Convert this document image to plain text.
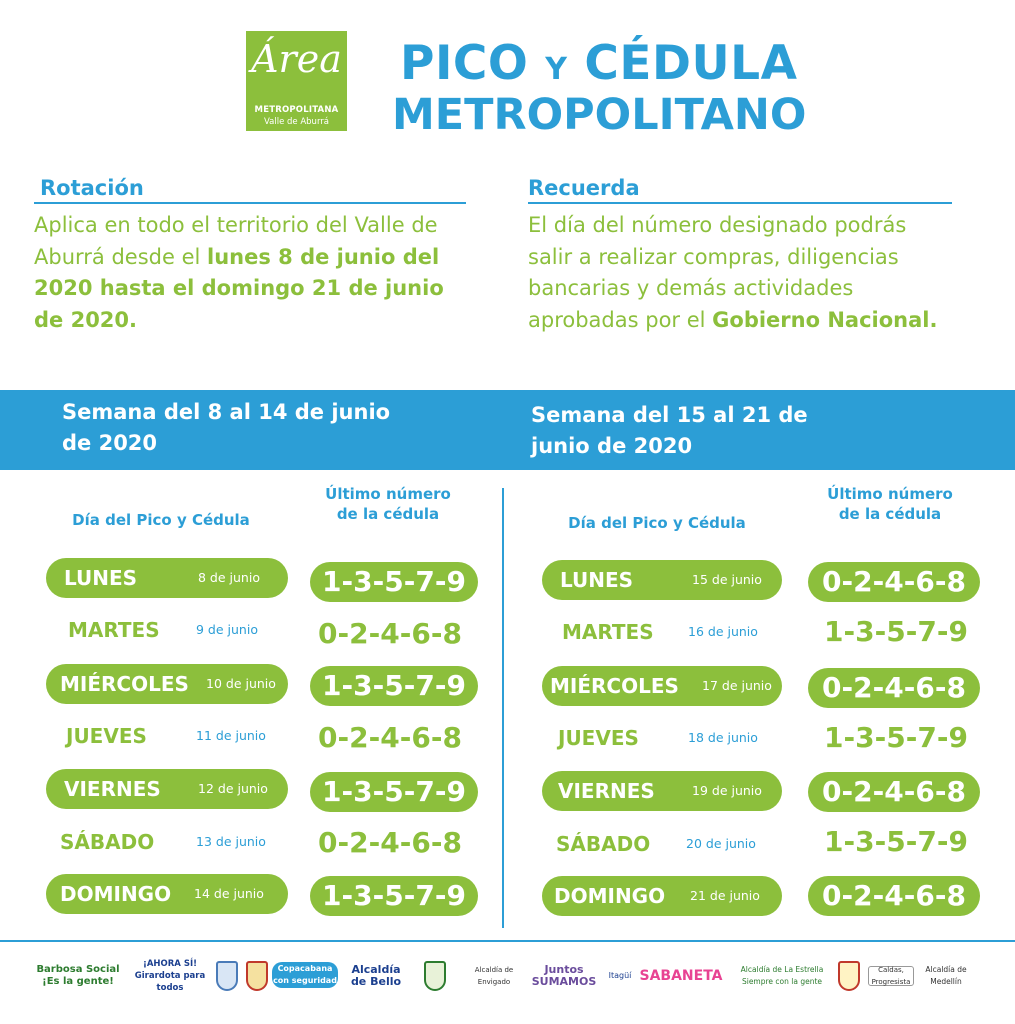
Área
METROPOLITANA
Valle de Aburrá
PICO Y CÉDULA
METROPOLITANO
Rotación
Aplica en todo el territorio del Valle de Aburrá desde el lunes 8 de junio del 2020 hasta el domingo 21 de junio de 2020.
Recuerda
El día del número designado podrás salir a realizar compras, diligencias bancarias y demás actividades aprobadas por el Gobierno Nacional.
Semana del 8 al 14 de junio de 2020
Semana del 15 al 21 de junio de 2020
Día del Pico y Cédula
Último número de la cédula	Día del Pico y Cédula
Último número de la cédula
LUNES	8 de junio	1-3-5-7-9
MARTES	9 de junio	0-2-4-6-8
MIÉRCOLES 10 de junio	1-3-5-7-9
JUEVES	11 de junio	0-2-4-6-8
VIERNES	12 de junio	1-3-5-7-9
SÁBADO	13 de junio	0-2-4-6-8
DOMINGO 14 de junio	1-3-5-7-9
LUNES	15 de junio	0-2-4-6-8
MARTES	16 de junio	1-3-5-7-9
MIÉRCOLES 17 de junio	0-2-4-6-8
JUEVES	18 de junio	1-3-5-7-9
VIERNES	19 de junio	0-2-4-6-8
SÁBADO	20 de junio	1-3-5-7-9
DOMINGO 21 de junio	0-2-4-6-8
Barbosa Social ¡Es la gente!
¡AHORA SÍ! Girardota para todos
Copacabana con seguridad
Alcaldía de Bello
Alcaldía de Envigado
Juntos SUMAMOS	Itagüí SABANETA	Alcaldía de La Estrella Siempre con la gente
Caldas, Progresista
Alcaldía de Medellín
